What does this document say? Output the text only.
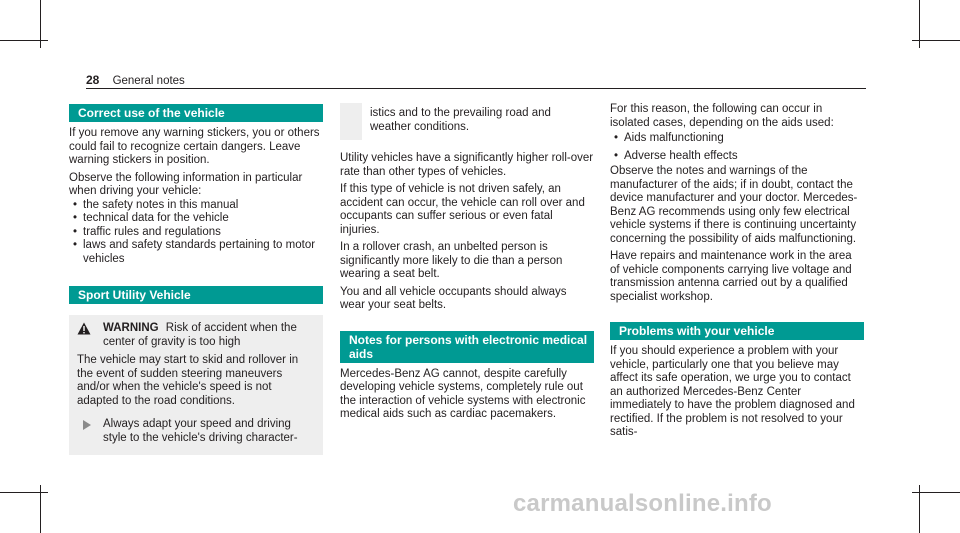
28 General notes
Correct use of the vehicle

If you remove any warning stickers, you or others could fail to recognize certain dangers. Leave warning stickers in position.

Observe the following information in particular when driving your vehicle:

• the safety notes in this manual
• technical data for the vehicle
• traffic rules and regulations
• laws and safety standards pertaining to motor vehicles
Sport Utility Vehicle
WARNING Risk of accident when the center of gravity is too high

The vehicle may start to skid and rollover in the event of sudden steering maneuvers and/or when the vehicle's speed is not adapted to the road conditions.

Always adapt your speed and driving style to the vehicle's driving character-
istics and to the prevailing road and weather conditions.

Utility vehicles have a significantly higher roll-over rate than other types of vehicles.

If this type of vehicle is not driven safely, an accident can occur, the vehicle can roll over and occupants can suffer serious or even fatal injuries.

In a rollover crash, an unbelted person is significantly more likely to die than a person wearing a seat belt.

You and all vehicle occupants should always wear your seat belts.

Notes for persons with electronic medical aids

Mercedes-Benz AG cannot, despite carefully developing vehicle systems, completely rule out the interaction of vehicle systems with electronic medical aids such as cardiac pacemakers.

For this reason, the following can occur in isolated cases, depending on the aids used:

• Aids malfunctioning
• Adverse health effects

Observe the notes and warnings of the manufacturer of the aids; if in doubt, contact the device manufacturer and your doctor. Mercedes-Benz AG recommends using only few electrical vehicle systems if there is continuing uncertainty concerning the possibility of aids malfunctioning.

Have repairs and maintenance work in the area of vehicle components carrying live voltage and transmission antenna carried out by a qualified specialist workshop.

Problems with your vehicle

If you should experience a problem with your vehicle, particularly one that you believe may affect its safe operation, we urge you to contact an authorized Mercedes-Benz Center immediately to have the problem diagnosed and rectified. If the problem is not resolved to your satis-

carmanualsonline.info
